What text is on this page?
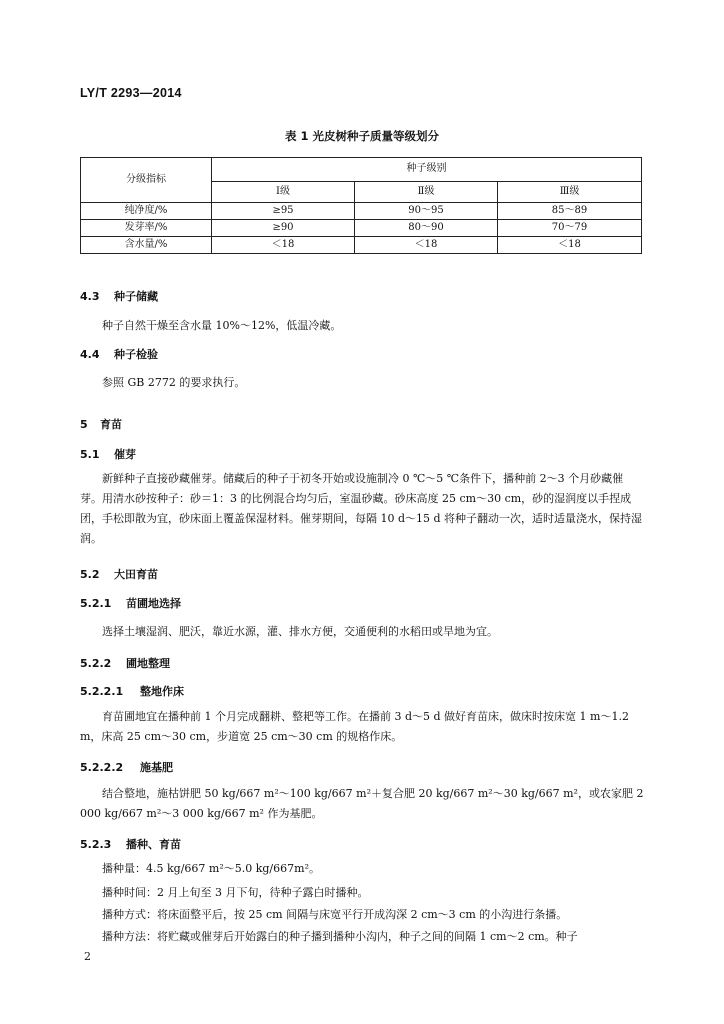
LY/T 2293—2014
表 1 光皮树种子质量等级划分
分级指标	种子级别		
	Ⅰ级	Ⅱ级	Ⅲ级
纯净度/%	≥95	90～95	85～89
发芽率/%	≥90	80～90	70～79
含水量/%	＜18	＜18	＜18
4.3 种子储藏
种子自然干燥至含水量 10%～12%，低温冷藏。
4.4 种子检验
参照 GB 2772 的要求执行。
5 育苗
5.1 催芽
新鲜种子直接砂藏催芽。储藏后的种子于初冬开始或设施制冷 0 ℃～5 ℃条件下，播种前 2～3 个月砂藏催芽。用清水砂按种子：砂＝1：3 的比例混合均匀后，室温砂藏。砂床高度 25 cm～30 cm，砂的湿润度以手捏成团，手松即散为宜，砂床面上覆盖保湿材料。催芽期间，每隔 10 d～15 d 将种子翻动一次，适时适量浇水，保持湿润。
5.2 大田育苗
5.2.1 苗圃地选择
选择土壤湿润、肥沃，靠近水源，灌、排水方便，交通便利的水稻田或旱地为宜。
5.2.2 圃地整理
5.2.2.1 整地作床
育苗圃地宜在播种前 1 个月完成翻耕、整耙等工作。在播前 3 d～5 d 做好育苗床，做床时按床宽 1 m～1.2 m，床高 25 cm～30 cm，步道宽 25 cm～30 cm 的规格作床。
5.2.2.2 施基肥
结合整地，施枯饼肥 50 kg/667 m²～100 kg/667 m²＋复合肥 20 kg/667 m²～30 kg/667 m²，或农家肥 2 000 kg/667 m²～3 000 kg/667 m² 作为基肥。
5.2.3 播种、育苗
播种量：4.5 kg/667 m²～5.0 kg/667m²。
播种时间：2 月上旬至 3 月下旬，待种子露白时播种。
播种方式：将床面整平后，按 25 cm 间隔与床宽平行开成沟深 2 cm～3 cm 的小沟进行条播。
播种方法：将贮藏或催芽后开始露白的种子播到播种小沟内，种子之间的间隔 1 cm～2 cm。种子
2
